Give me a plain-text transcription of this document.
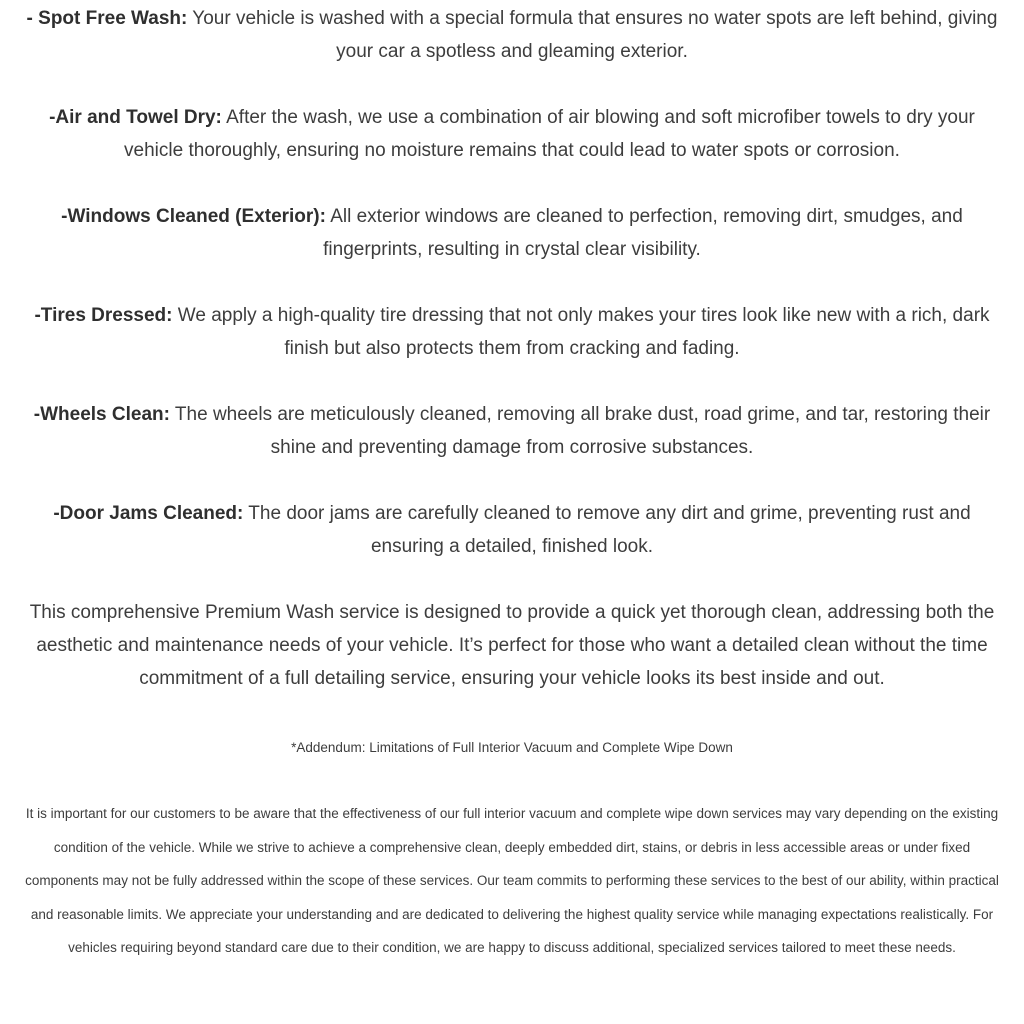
- Spot Free Wash: Your vehicle is washed with a special formula that ensures no water spots are left behind, giving your car a spotless and gleaming exterior.

-Air and Towel Dry: After the wash, we use a combination of air blowing and soft microfiber towels to dry your vehicle thoroughly, ensuring no moisture remains that could lead to water spots or corrosion.

-Windows Cleaned (Exterior): All exterior windows are cleaned to perfection, removing dirt, smudges, and fingerprints, resulting in crystal clear visibility.

-Tires Dressed: We apply a high-quality tire dressing that not only makes your tires look like new with a rich, dark finish but also protects them from cracking and fading.

-Wheels Clean: The wheels are meticulously cleaned, removing all brake dust, road grime, and tar, restoring their shine and preventing damage from corrosive substances.

-Door Jams Cleaned: The door jams are carefully cleaned to remove any dirt and grime, preventing rust and ensuring a detailed, finished look.

This comprehensive Premium Wash service is designed to provide a quick yet thorough clean, addressing both the aesthetic and maintenance needs of your vehicle. It’s perfect for those who want a detailed clean without the time commitment of a full detailing service, ensuring your vehicle looks its best inside and out.

*Addendum: Limitations of Full Interior Vacuum and Complete Wipe Down

It is important for our customers to be aware that the effectiveness of our full interior vacuum and complete wipe down services may vary depending on the existing condition of the vehicle. While we strive to achieve a comprehensive clean, deeply embedded dirt, stains, or debris in less accessible areas or under fixed components may not be fully addressed within the scope of these services. Our team commits to performing these services to the best of our ability, within practical and reasonable limits. We appreciate your understanding and are dedicated to delivering the highest quality service while managing expectations realistically. For vehicles requiring beyond standard care due to their condition, we are happy to discuss additional, specialized services tailored to meet these needs.
